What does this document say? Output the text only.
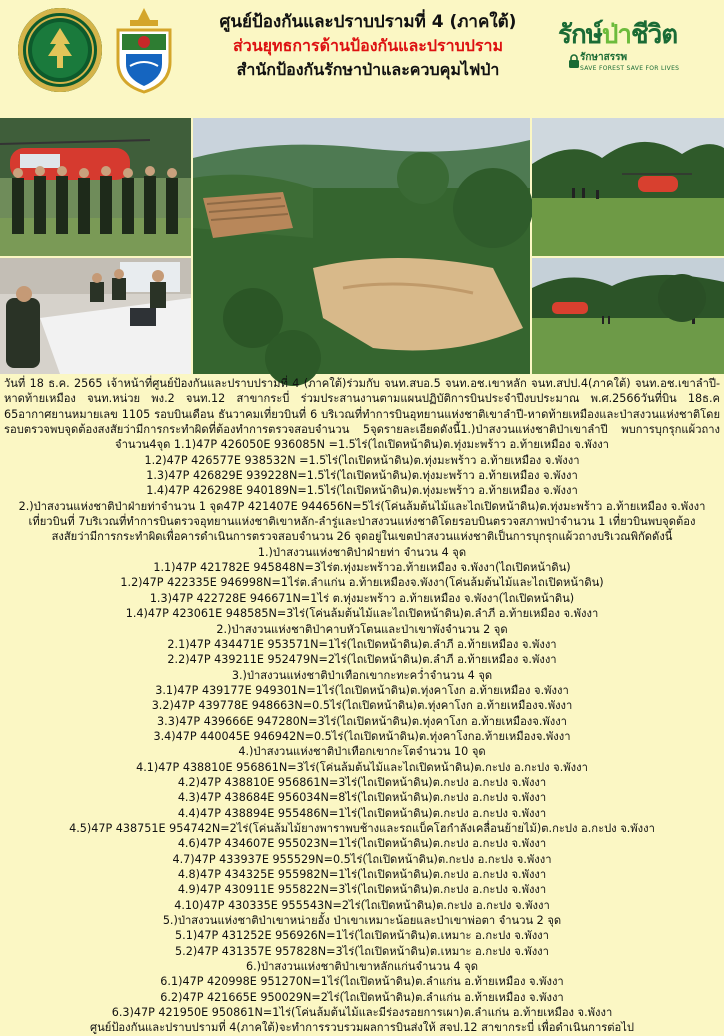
ศูนย์ป้องกันและปราบปรามที่ 4 (ภาคใต้)
ส่วนยุทธการด้านป้องกันและปราบปราม
สำนักป้องกันรักษาป่าและควบคุมไฟป่า
รักษ์ป่าชีวิต
รักษาสรรพ
SAVE FOREST SAVE FOR LIVES

วันที่ 18 ธ.ค. 2565 เจ้าหน้าที่ศูนย์ป้องกันและปราบปรามที่ 4 (ภาคใต้)ร่วมกับ จนท.สบอ.5 จนท.อช.เขาหลัก จนท.สปป.4(ภาคใต้) จนท.อช.เขาลำปี-หาดท้ายเหมือง จนท.หน่วย พง.2 จนท.12 สาขากระบี่ ร่วมประสานงานตามแผนปฏิบัติการบินประจำปีงบประมาณ พ.ศ.2566วันที่บิน 18ธ.ค 65อากาศยานหมายเลข 1105 รอบบินเดือน ธันวาคมเที่ยวบินที่ 6 บริเวณที่ทำการบินอุทยานแห่งชาติเขาลำปี-หาดท้ายเหมืองและป่าสงวนแห่งชาติโดยรอบตรวจพบจุดต้องสงสัยว่ามีการกระทำผิดที่ต้องทำการตรวจสอบจำนวน 5จุดรายละเอียดดังนี้1.)ป่าสงวนแห่งชาติป่าเขาลำปี พบการบุกรุกแผ้วถางจำนวน4จุด 1.1)47P 426050E 936085N =1.5ไร่(ไถเปิดหน้าดิน)ต.ทุ่งมะพร้าว อ.ท้ายเหมือง จ.พังงา

1.2)47P 426577E 938532N =1.5ไร่(ไถเปิดหน้าดิน)ต.ทุ่งมะพร้าว อ.ท้ายเหมือง จ.พังงา

1.3)47P 426829E 939228N=1.5ไร่(ไถเปิดหน้าดิน)ต.ทุ่งมะพร้าว อ.ท้ายเหมือง จ.พังงา

1.4)47P 426298E 940189N=1.5ไร่(ไถเปิดหน้าดิน)ต.ทุ่งมะพร้าว อ.ท้ายเหมือง จ.พังงา

2.)ป่าสงวนแห่งชาติป่าฝ่ายท่าจำนวน 1 จุด47P 421407E 944656N=5ไร่(โค่นล้มต้นไม้และไถเปิดหน้าดิน)ต.ทุ่งมะพร้าว อ.ท้ายเหมือง จ.พังงา

เที่ยวบินที่ 7บริเวณที่ทำการบินตรวจอุทยานแห่งชาติเขาหลัก-ลำรู่และป่าสงวนแห่งชาติโดยรอบบินตรวจสภาพป่าจำนวน 1 เที่ยวบินพบจุดต้อง

สงสัยว่ามีการกระทำผิดเพื่อคารดำเนินการตรวจสอบจำนวน 26 จุดอยู่ในเขตป่าสงวนแห่งชาติเป็นการบุกรุกแผ้วถางบริเวณพิกัดดังนี้

1.)ป่าสงวนแห่งชาติป่าฝ่ายท่า จำนวน 4 จุด

1.1)47P 421782E 945848N=3ไร่ต.ทุ่งมะพร้าวอ.ท้ายเหมือง จ.พังงา(ไถเปิดหน้าดิน)

1.2)47P 422335E 946998N=1ไร่ต.ลำแก่น อ.ท้ายเหมืองจ.พังงา(โค่นล้มต้นไม้และไถเปิดหน้าดิน)

1.3)47P 422728E 946671N=1ไร่ ต.ทุ่งมะพร้าว อ.ท้ายเหมือง จ.พังงา(ไถเปิดหน้าดิน)

1.4)47P 423061E 948585N=3ไร่(โค่นล้มต้นไม้และไถเปิดหน้าดิน)ต.ลำภี อ.ท้ายเหมือง จ.พังงา

2.)ป่าสงวนแห่งชาติป่าคาบหัวโตนและป่าเขาพังจำนวน 2 จุด

2.1)47P 434471E 953571N=1ไร่(ไถเปิดหน้าดิน)ต.ลำภี อ.ท้ายเหมือง จ.พังงา

2.2)47P 439211E 952479N=2ไร่(ไถเปิดหน้าดิน)ต.ลำภี อ.ท้ายเหมือง จ.พังงา

3.)ป่าสงวนแห่งชาติป่าเทือกเขากะทะคว่ำจำนวน 4 จุด

3.1)47P 439177E 949301N=1ไร่(ไถเปิดหน้าดิน)ต.ทุ่งคาโงก อ.ท้ายเหมือง จ.พังงา

3.2)47P 439778E 948663N=0.5ไร่(ไถเปิดหน้าดิน)ต.ทุ่งคาโงก อ.ท้ายเหมืองจ.พังงา

3.3)47P 439666E 947280N=3ไร่(ไถเปิดหน้าดิน)ต.ทุ่งคาโงก อ.ท้ายเหมืองจ.พังงา

3.4)47P 440045E 946942N=0.5ไร่(ไถเปิดหน้าดิน)ต.ทุ่งคาโงกอ.ท้ายเหมืองจ.พังงา

4.)ป่าสงวนแห่งชาติป่าเทือกเขากะโตจำนวน 10 จุด

4.1)47P 438810E 956861N=3ไร่(โค่นล้มต้นไม้และไถเปิดหน้าดิน)ต.กะปง อ.กะปง จ.พังงา

4.2)47P 438810E 956861N=3ไร่(ไถเปิดหน้าดิน)ต.กะปง อ.กะปง จ.พังงา

4.3)47P 438684E 956034N=8ไร่(ไถเปิดหน้าดิน)ต.กะปง อ.กะปง จ.พังงา

4.4)47P 438894E 955486N=1ไร่(ไถเปิดหน้าดิน)ต.กะปง อ.กะปง จ.พังงา

4.5)47P 438751E 954742N=2ไร่(โค่นล้มไม้ยางพาราพบช้างและรถแบ็คโฮกำลังเคลื่อนย้ายไม้)ต.กะปง อ.กะปง จ.พังงา

4.6)47P 434607E 955023N=1ไร่(ไถเปิดหน้าดิน)ต.กะปง อ.กะปง จ.พังงา

4.7)47P 433937E 955529N=0.5ไร่(ไถเปิดหน้าดิน)ต.กะปง อ.กะปง จ.พังงา

4.8)47P 434325E 955982N=1ไร่(ไถเปิดหน้าดิน)ต.กะปง อ.กะปง จ.พังงา

4.9)47P 430911E 955822N=3ไร่(ไถเปิดหน้าดิน)ต.กะปง อ.กะปง จ.พังงา

4.10)47P 430335E 955543N=2ไร่(ไถเปิดหน้าดิน)ต.กะปง อ.กะปง จ.พังงา

5.)ป่าสงวนแห่งชาติป่าเขาหน่ายอั้ง ป่าเขาเหมาะน้อยและป่าเขาพ่อตา จำนวน 2 จุด

5.1)47P 431252E 956926N=1ไร่(ไถเปิดหน้าดิน)ต.เหมาะ อ.กะปง จ.พังงา

5.2)47P 431357E 957828N=3ไร่(ไถเปิดหน้าดิน)ต.เหมาะ อ.กะปง จ.พังงา

6.)ป่าสงวนแห่งชาติป่าเขาหลักแก่นจำนวน 4 จุด

6.1)47P 420998E 951270N=1ไร่(ไถเปิดหน้าดิน)ต.ลำแก่น อ.ท้ายเหมือง จ.พังงา

6.2)47P 421665E 950029N=2ไร่(ไถเปิดหน้าดิน)ต.ลำแก่น อ.ท้ายเหมือง จ.พังงา

6.3)47P 421950E 950861N=1ไร่(โค่นล้มต้นไม้และมีร่องรอยการเผา)ต.ลำแก่น อ.ท้ายเหมือง จ.พังงา

ศูนย์ป้องกันและปราบปรามที่ 4(ภาคใต้)จะทำการรวบรวมผลการบินส่งให้ สจป.12 สาขากระบี่ เพื่อดำเนินการต่อไป
